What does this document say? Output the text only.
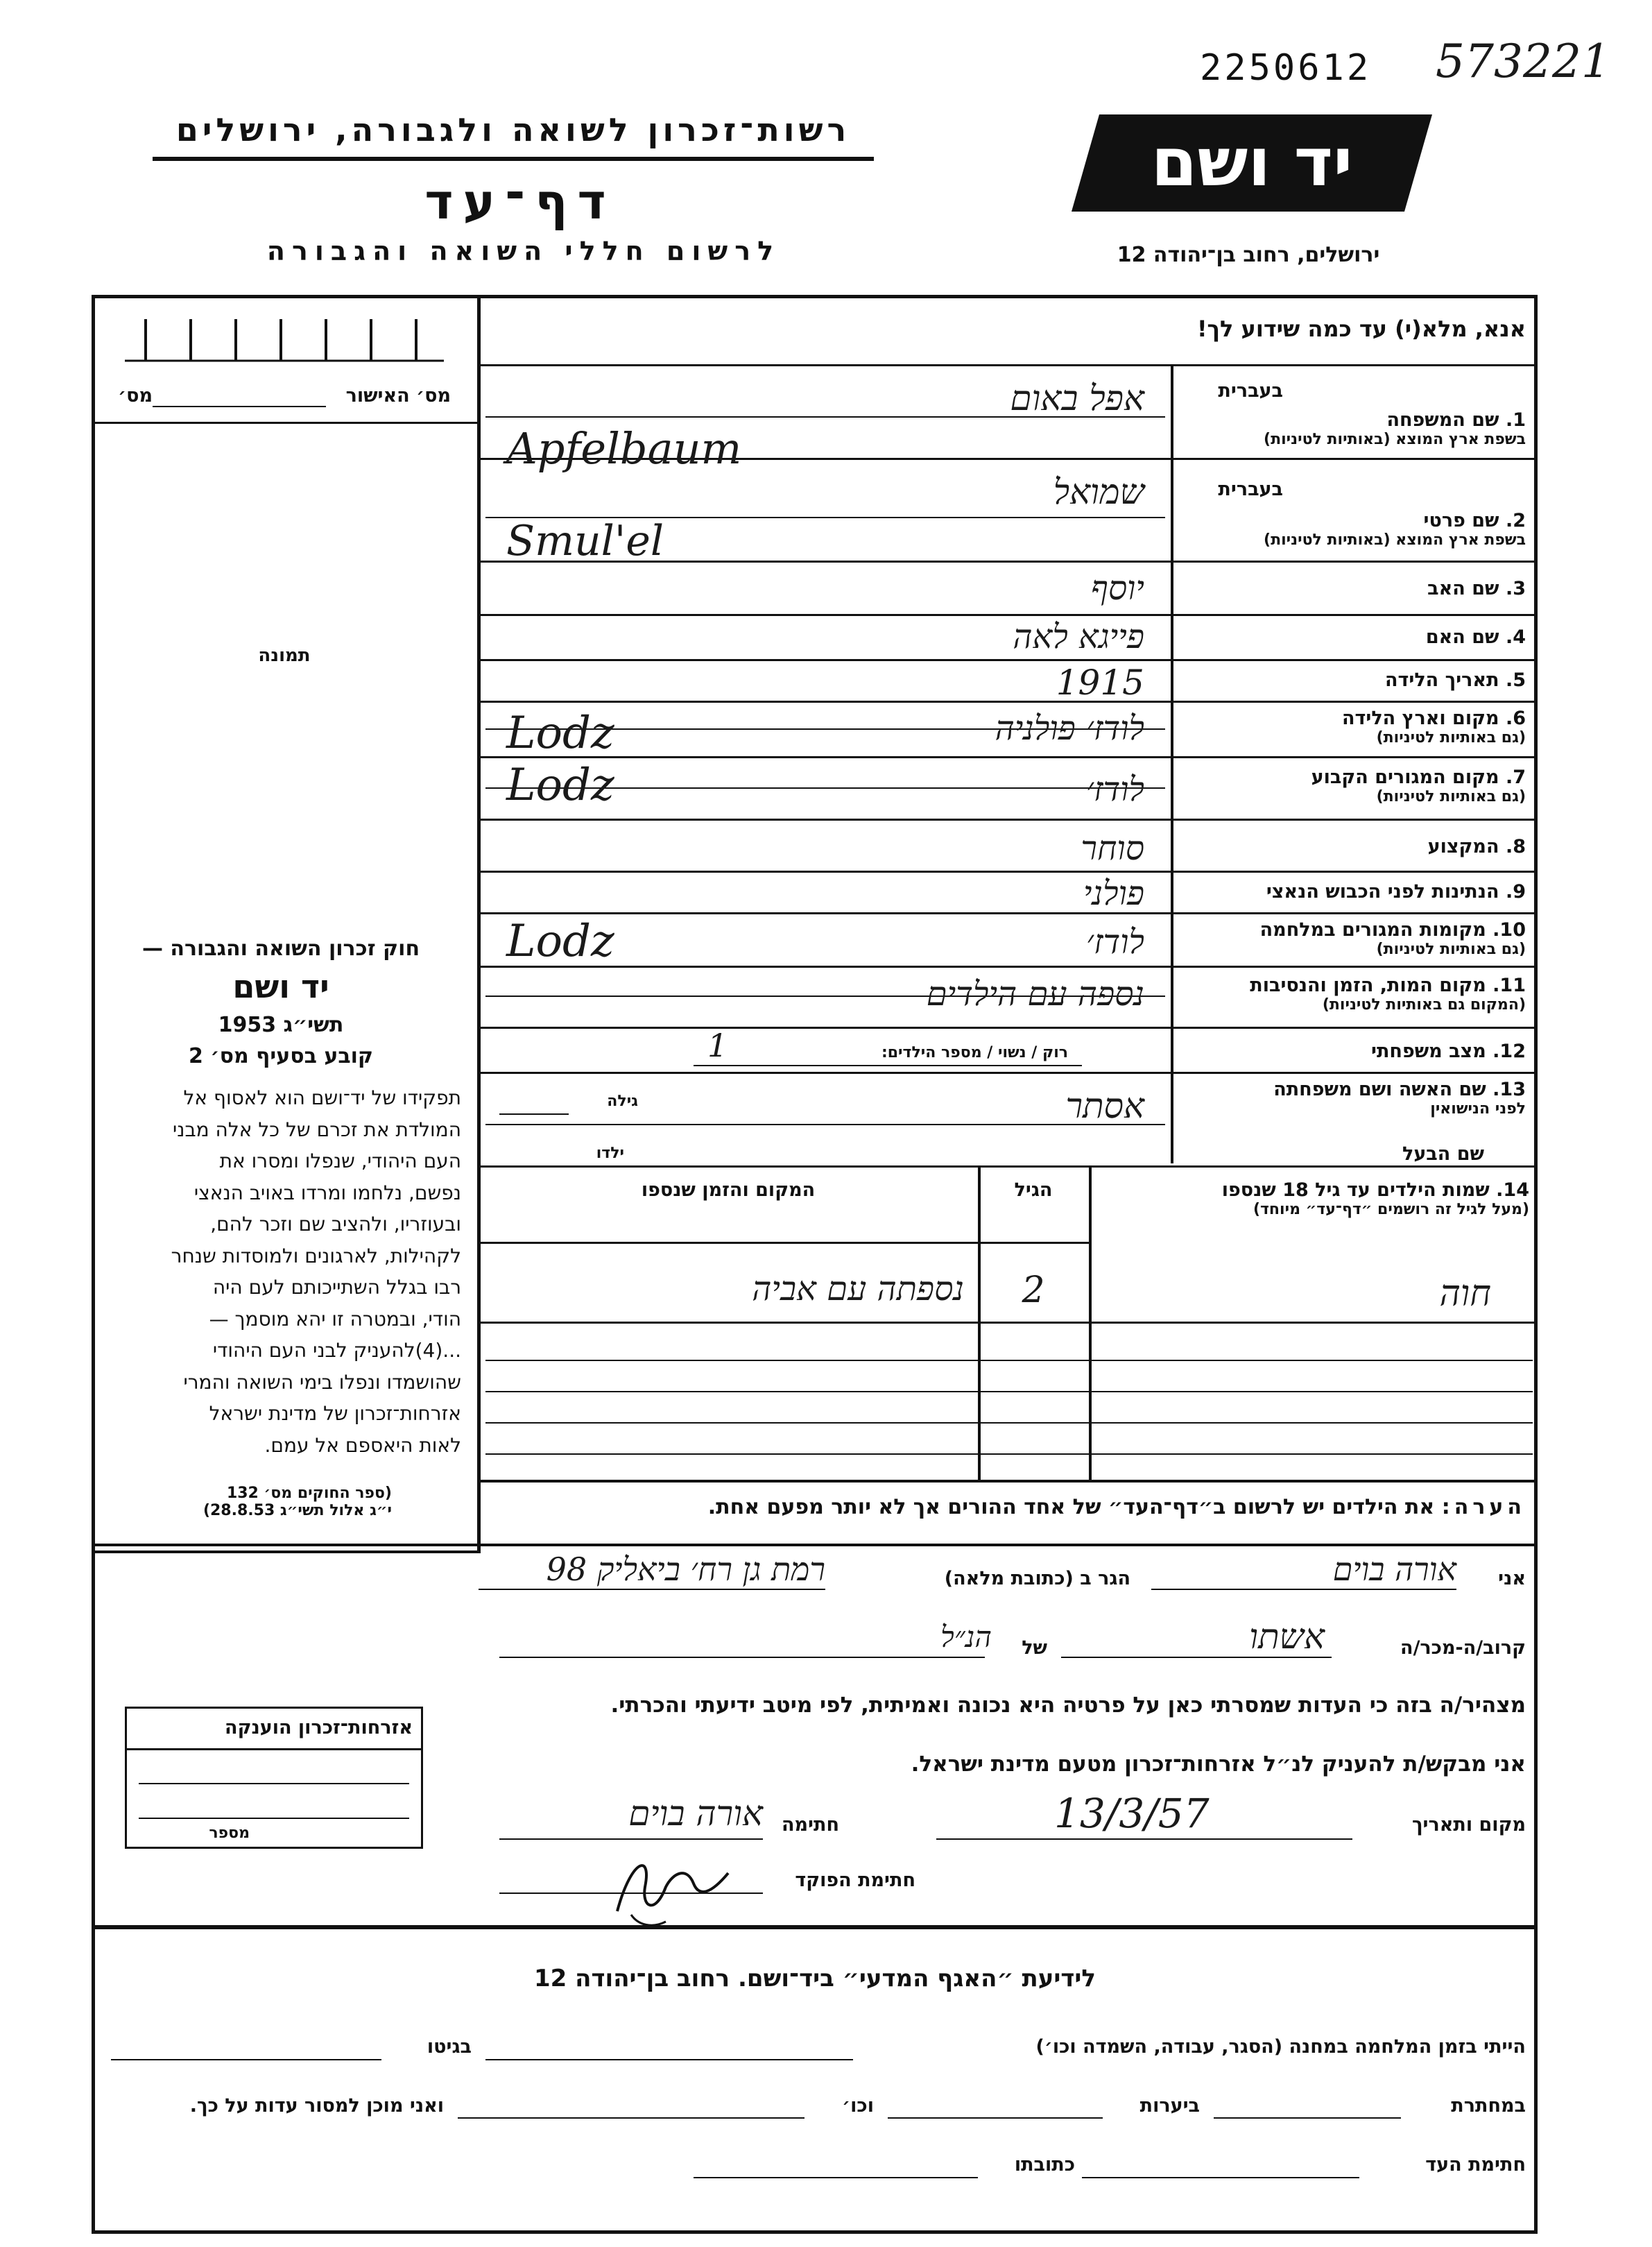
2250612 573221
רשות־זכרון לשואה ולגבורה, ירושלים
דף־עד
לרשום חללי השואה והגבורה
יד ושם
ירושלים, רחוב בן־יהודה 12
מס׳ האישור
מס׳
תמונה
חוק זכרון השואה והגבורה —
יד ושם
תשי״ג 1953
קובע בסעיף מס׳ 2
תפקידו של יד־ושם הוא לאסוף אל
המולדת את זכרם של כל אלה מבני
העם היהודי, שנפלו ומסרו את
נפשם, נלחמו ומרדו באויב הנאצי
ובעוזריו, ולהציב שם וזכר להם,
לקהילות, לארגונים ולמוסדות שנחר
רבו בגלל השתייכותם לעם היה
הודי, ובמטרה זו יהא מוסמך —
...(4)להעניק לבני העם היהודי
שהושמדו ונפלו בימי השואה והמרי
אזרחות־זכרון של מדינת ישראל
לאות היאספם אל עמם.
(ספר החוקים מס׳ 132
י״ג אלול תשי״ג 28.8.53)
אזרחות־זכרון הוענקה
מספר
אנא, מלא(י) עד כמה שידוע לך!
בעברית
בעברית
1. שם המשפחה
בשפת ארץ המוצא (באותיות לטיניות)
2. שם פרטי
בשפת ארץ המוצא (באותיות לטיניות)
3. שם האב
4. שם האם
5. תאריך הלידה
6. מקום וארץ הלידה
(גם באותיות לטיניות)
7. מקום המגורים הקבוע
(גם באותיות לטיניות)
8. המקצוע
9. הנתינות לפני הכבוש הנאצי
10. מקומות המגורים במלחמה
(גם באותיות לטיניות)
11. מקום המות, הזמן והנסיבות
(המקום גם באותיות לטיניות)
12. מצב משפחתי
13. שם האשה ושם משפחתה
לפני הנישואין
שם הבעל
אפל באום
Apfelbaum
שמואל
Smul'el
יוסף
פייגא לאה
1915
לודז׳ פולניה
Lodz
לודז׳
Lodz
סוחר
פולני
לודז׳
Lodz
נספה עם הילדים
רוק / נשוי / מספר הילדים:
1
גילה	אסתר
ילדו
14. שמות הילדים עד גיל 18 שנספו
(מעל לגיל זה רושמים ״דף־עד״ מיוחד)
הגיל
המקום והזמן שנספו
חוה
2
נספתה עם אביה
הערה: את הילדים יש לרשום ב״דף־העד״ של אחד ההורים אך לא יותר מפעם אחת.
אני
אורה בוים
הגר ב (כתובת מלאה)
רמת גן רח׳ ביאליק 98
קרוב/ה-מכר/ה
אשתו
של
הנ״ל
מצהיר/ה בזה כי העדות שמסרתי כאן על פרטיה היא נכונה ואמיתית, לפי מיטב ידיעתי והכרתי.
אני מבקש/ת להעניק לנ״ל אזרחות־זכרון מטעם מדינת ישראל.
מקום ותאריך
13/3/57
חתימה
אורה בוים
חתימת הפוקד
לידיעת ״האגף המדעי״ ביד־ושם. רחוב בן־יהודה 12
הייתי בזמן המלחמה במחנה (הסגר, עבודה, השמדה וכו׳)
בגיטו
במחתרת
ביערות
וכו׳
ואני מוכן למסור עדות על כך.
חתימת העד
כתובתו
